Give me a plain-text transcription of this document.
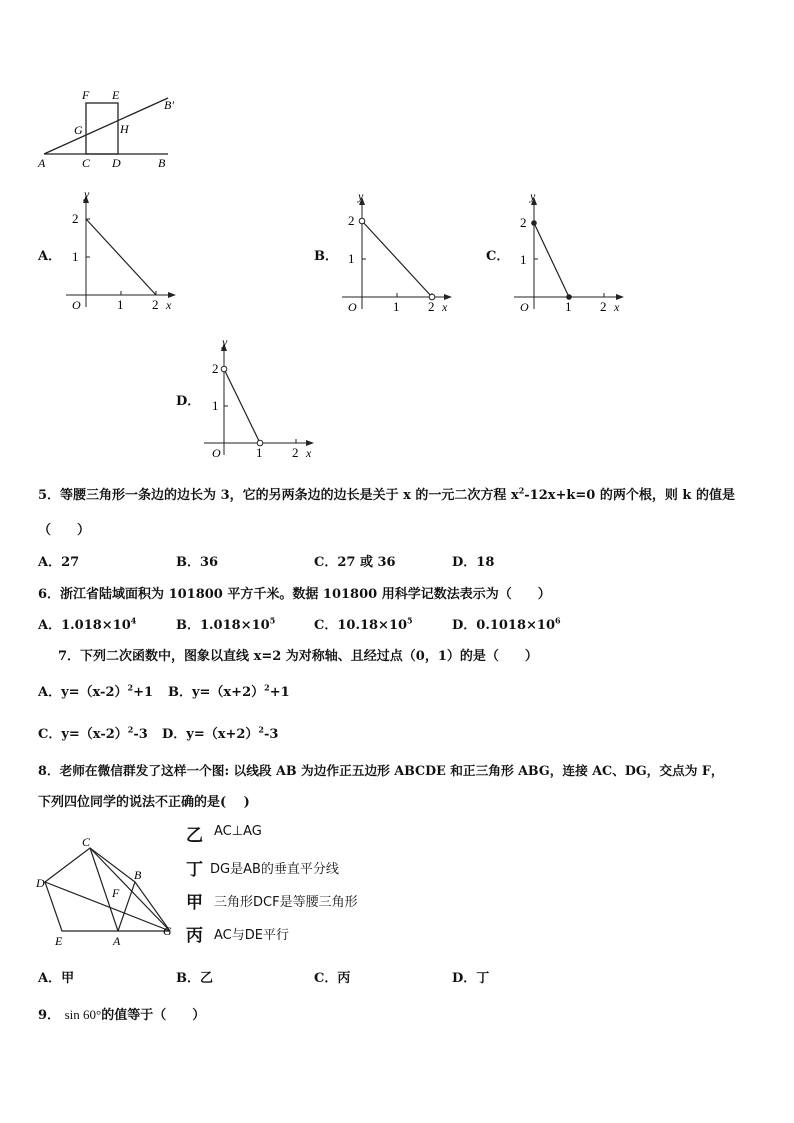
F E
B′
G	H
A	C D	B
A．
y
x
O	1 2
1
2
B．
y
x
O	1 2
1
2
C．
y
x
O	1 2
1
2
D．
y
x
O	1 2
1
2
5．等腰三角形一条边的边长为 3，它的另两条边的边长是关于 x 的一元二次方程 $x^2-12x+k=0$ 的两个根，则 k 的值是
（　　）
A．27	B．36	C．27 或 36	D．18
6．浙江省陆域面积为 101800 平方千米。数据 101800 用科学记数法表示为（　　）
A．$1.018\times 10^4$	B．$1.018\times 10^5$	C．$10.18\times 10^5$	D．$0.1018\times 10^6$
7．下列二次函数中，图象以直线 x=2 为对称轴、且经过点（0，1）的是（　　）
A．$y=(x-2)^2+1$ B．$y=(x+2)^2+1$
C．$y=(x-2)^2-3$ D．$y=(x+2)^2-3$
8．老师在微信群发了这样一个图: 以线段 AB 为边作正五边形 ABCDE 和正三角形 ABG，连接 AC、DG，交点为 F，
下列四位同学的说法不正确的是(　 )
C
B
D
F
E	A
G
乙 AC⊥AG
丁 DG是AB的垂直平分线
甲 三角形DCF是等腰三角形
丙 AC与DE平行
A．甲	B．乙	C．丙	D．丁
9． sin 60°的值等于（　　）
